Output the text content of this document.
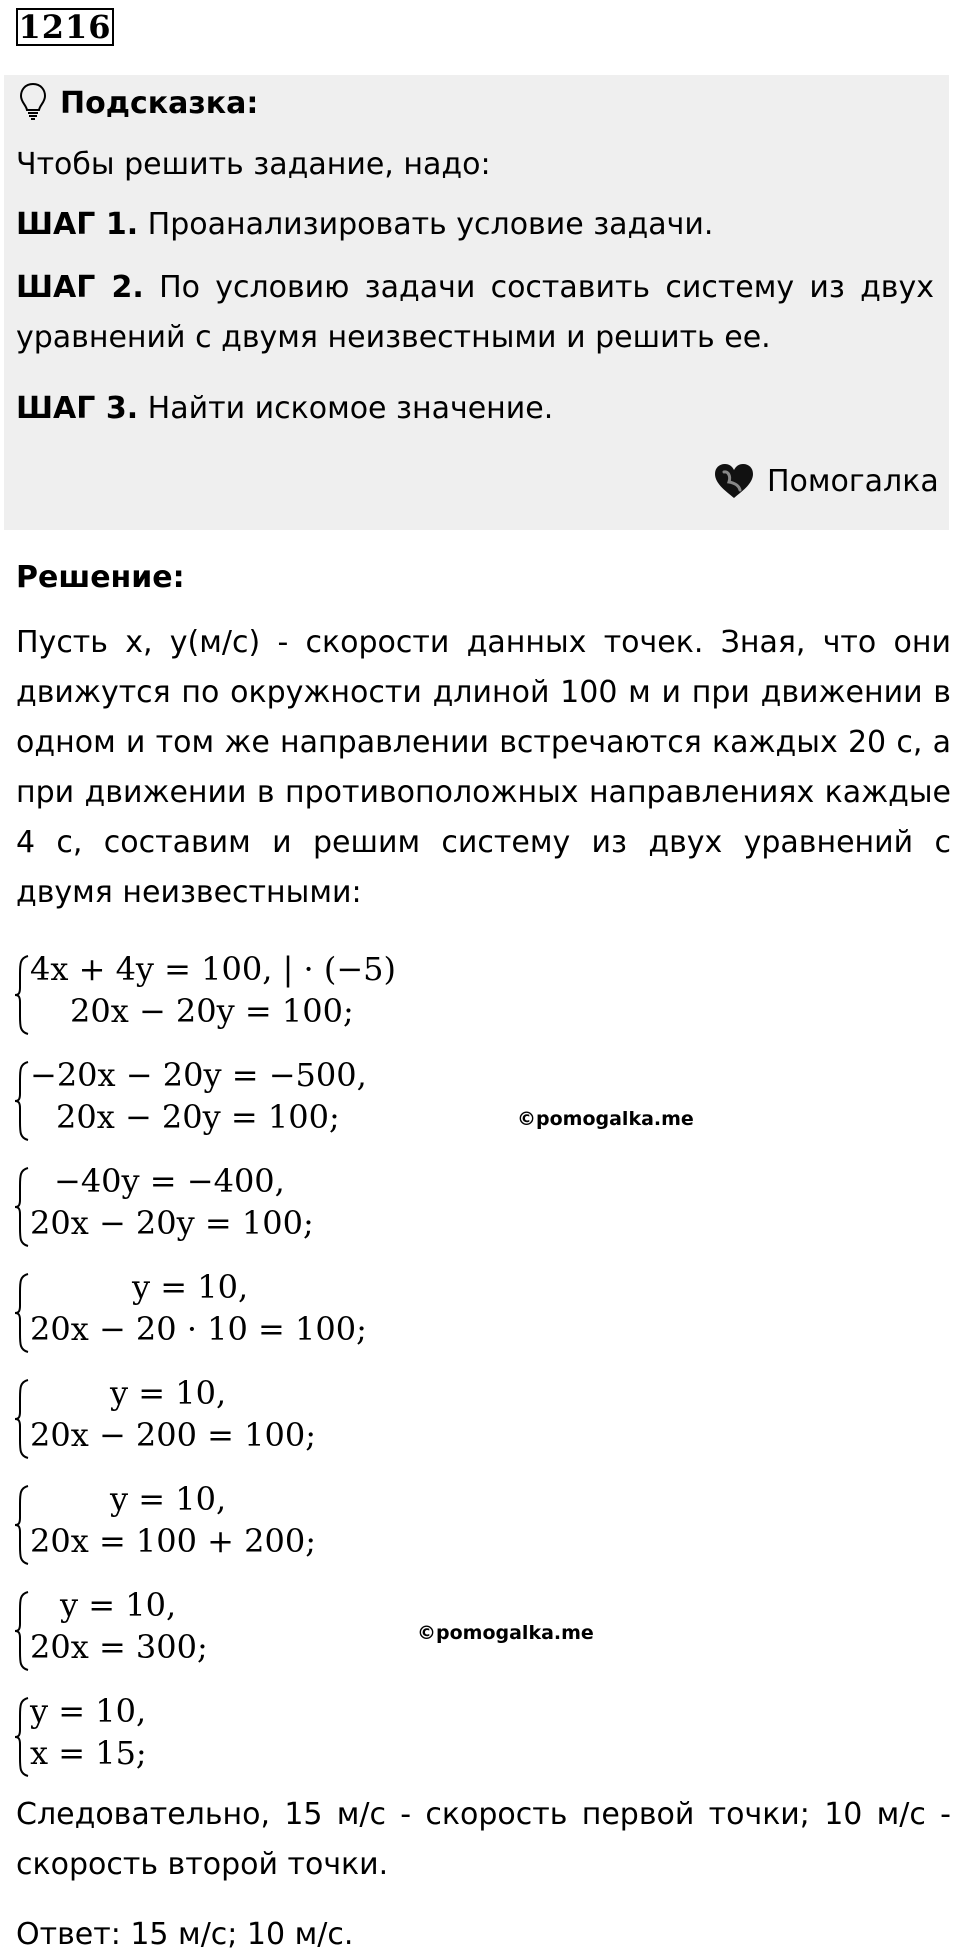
1216
Подсказка:
Чтобы решить задание, надо:
ШАГ 1. Проанализировать условие задачи.
ШАГ 2. По условию задачи составить систему из двух уравнений с двумя неизвестными и решить ее.
ШАГ 3. Найти искомое значение.
Помогалка
Решение:
Пусть x, y(м/с) - скорости данных точек. Зная, что они движутся по окружности длиной 100 м и при движении в одном и том же направлении встречаются каждых 20 с, а при движении в противоположных направлениях каждые 4 с, составим и решим систему из двух уравнений с двумя неизвестными:
4x + 4y = 100, | · (−5)
20x − 20y = 100;
−20x − 20y = −500,
20x − 20y = 100;	©pomogalka.me
−40y = −400,
20x − 20y = 100;
y = 10,
20x − 20 · 10 = 100;
y = 10,
20x − 200 = 100;
y = 10,
20x = 100 + 200;
y = 10,
20x = 300;	©pomogalka.me
y = 10,
x = 15;
Следовательно, 15 м/с - скорость первой точки; 10 м/с - скорость второй точки.
Ответ: 15 м/с; 10 м/с.
